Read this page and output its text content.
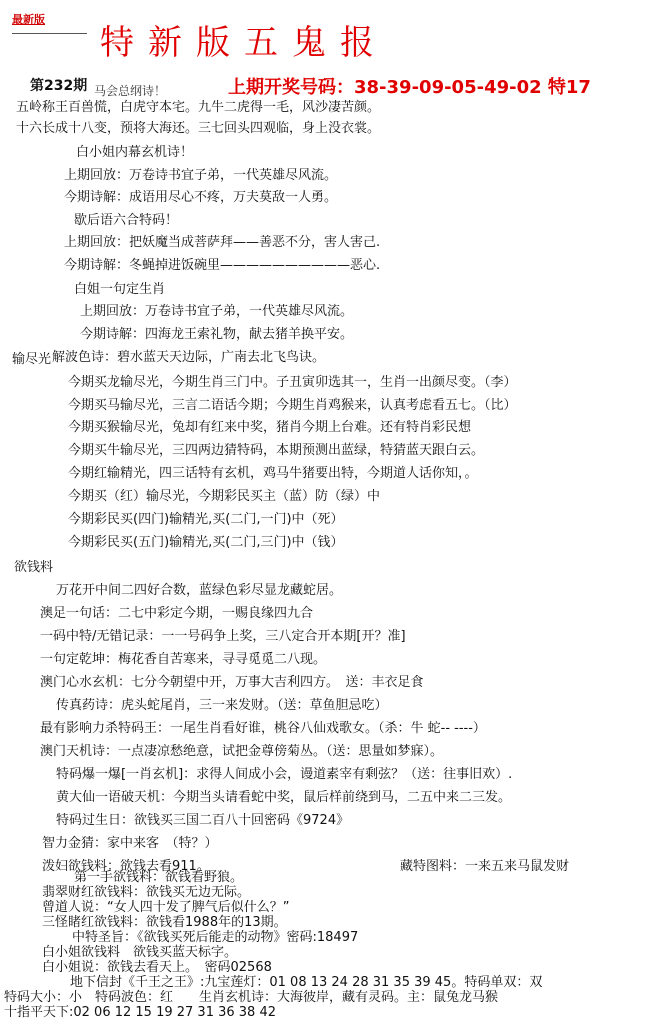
最新版
特新版五鬼报
第232期 马会总纲诗！	上期开奖号码：38-39-09-05-49-02 特17
五岭称王百兽慌，白虎守本宅。九牛二虎得一毛，风沙凄苦颜。
十六长成十八变，预将大海还。三七回头四观临，身上没衣裳。
白小姐内幕玄机诗！
上期回放：万卷诗书宜子弟，一代英雄尽风流。
今期诗解：成语用尽心不疼，万夫莫敌一人勇。
歇后语六合特码！
上期回放：把妖魔当成菩萨拜——善恶不分，害人害己.
今期诗解：冬蝇掉进饭碗里——————————恶心.
白姐一句定生肖
上期回放：万卷诗书宜子弟，一代英雄尽风流。
今期诗解：四海龙王索礼物，献去猪羊换平安。
解波色诗：碧水蓝天天边际，广南去北飞鸟诀。
输尽光
今期买龙输尽光，今期生肖三门中。子丑寅卯选其一，生肖一出颜尽变。（李）
今期买马输尽光，三言二语话今期；今期生肖鸡猴来，认真考虑看五七。（比）
今期买猴输尽光，兔却有红来中奖，猪肖今期上台难。还有特肖彩民想
今期买牛输尽光，三四两边猜特码，本期预测出蓝绿，特猜蓝天跟白云。
今期红输精光，四三话特有玄机，鸡马牛猪要出特，今期道人话你知，。
今期买（红）输尽光，今期彩民买主（蓝）防（绿）中
今期彩民买(四门)输精光,买(二门,一门)中（死）
今期彩民买(五门)输精光,买(二门,三门)中（钱）
欲钱料
万花开中间二四好合数，蓝绿色彩尽显龙藏蛇居。
澳足一句话：二七中彩定今期，一赐良缘四九合
一码中特/无错记录：一一号码争上奖，三八定合开本期[开？准]
一句定乾坤：梅花香自苦寒来，寻寻觅觅二八现。
澳门心水玄机：七分今朝望中开，万事大吉利四方。　送：丰衣足食
传真药诗：虎头蛇尾肖，三一来发财。（送：草鱼胆忌吃）
最有影响力杀特码王：一尾生肖看好谁，桃谷八仙戏歌女。（杀：牛 蛇-- ----）
澳门天机诗：一点凄凉愁绝意，试把金尊傍菊丛。（送：思量如梦寐）。
特码爆一爆[一肖玄机]：求得人间成小会，谩道素宰有剩弦？（送：往事旧欢）.
黄大仙一语破天机：今期当头请看蛇中奖，鼠后样前绕到马，二五中来二三发。
特码过生日：欲钱买三国二百八十回密码《9724》
智力金猜：家中来客　（特？）
泼妇欲钱料：欲钱去看911。	藏特图料：一来五来马鼠发财
第一手欲钱料：欲钱看野狼。
翡翠财红欲钱料：欲钱买无边无际。
曾道人说：“女人四十发了脾气后似什么？”
三怪睹红欲钱料：欲钱看1988年的13期。
中特圣旨：《欲钱买死后能走的动物》密码:18497
白小姐欲钱料　欲钱买蓝天标字。
白小姐说：欲钱去看天上。　密码02568
地下信封《千王之王》:九宝莲灯：01 08 13 24 28 31 35 39 45。特码单双：双
特码大小：小　特码波色：红　　生肖玄机诗：大海彼岸，藏有灵码。主：鼠兔龙马猴
十指平天下:02 06 12 15 19 27 31 36 38 42
